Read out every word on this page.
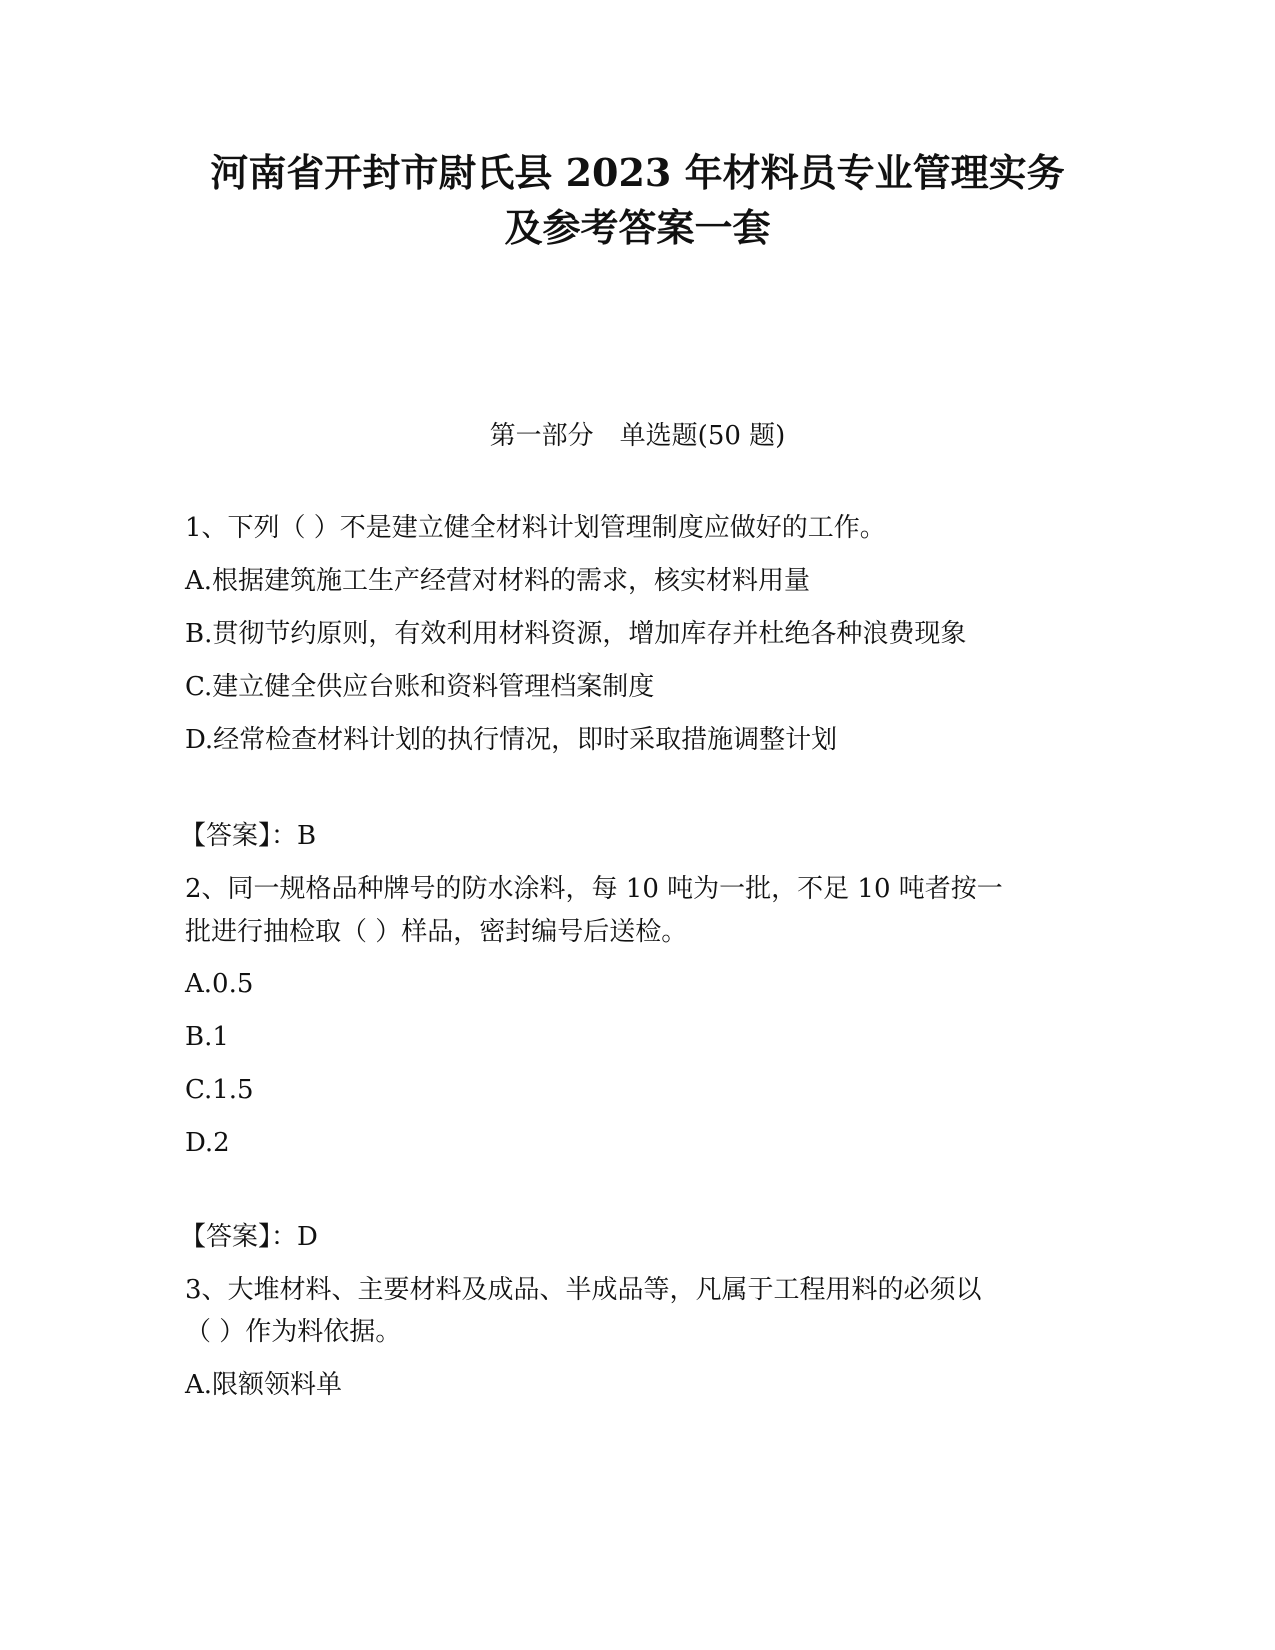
河南省开封市尉氏县 2023 年材料员专业管理实务
及参考答案一套
第一部分　单选题(50 题)
1、下列（ ）不是建立健全材料计划管理制度应做好的工作。
A.根据建筑施工生产经营对材料的需求，核实材料用量
B.贯彻节约原则，有效利用材料资源，增加库存并杜绝各种浪费现象
C.建立健全供应台账和资料管理档案制度
D.经常检查材料计划的执行情况，即时采取措施调整计划
【答案】：B
2、同一规格品种牌号的防水涂料，每 10 吨为一批，不足 10 吨者按一
批进行抽检取（ ）样品，密封编号后送检。
A.0.5
B.1
C.1.5
D.2
【答案】：D
3、大堆材料、主要材料及成品、半成品等，凡属于工程用料的必须以
（ ）作为料依据。
A.限额领料单
